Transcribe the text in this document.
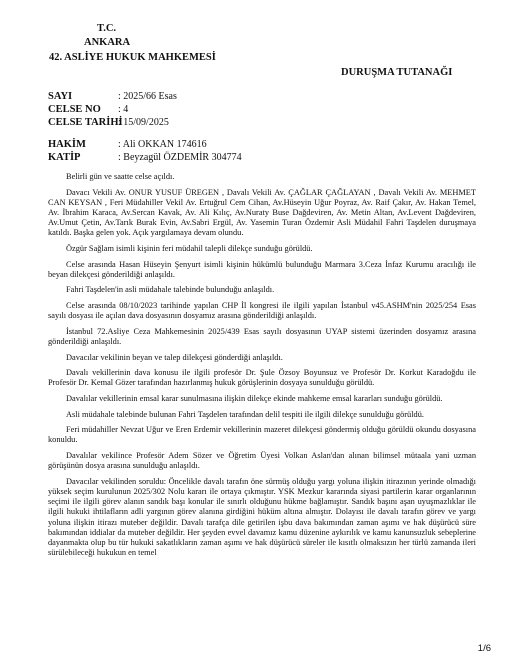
T.C.
ANKARA
42. ASLİYE HUKUK MAHKEMESİ
DURUŞMA TUTANAĞI
SAYI	: 2025/66 Esas
CELSE NO : 4
CELSE TARİHİ: 15/09/2025
HAKİM	: Ali OKKAN 174616
KATİP	: Beyzagül ÖZDEMİR 304774

Belirli gün ve saatte celse açıldı.

Davacı Vekili Av. ONUR YUSUF ÜREGEN , Davalı Vekili Av. ÇAĞLAR ÇAĞLAYAN , Davalı Vekili Av. MEHMET CAN KEYSAN , Feri Müdahiller Vekil Av. Ertuğrul Cem Cihan, Av.Hüseyin Uğur Poyraz, Av. Raif Çakır, Av. Hakan Temel, Av. İbrahim Karaca, Av.Sercan Kavak, Av. Ali Kılıç, Av.Nuraty Buse Dağdeviren, Av. Metin Altan, Av.Levent Dağdeviren, Av.Umut Çetin, Av.Tarık Burak Evin, Av.Sabri Ergül, Av. Yasemin Turan Özdemir Asli Müdahil Fahri Taşdelen duruşmaya katıldı. Başka gelen yok. Açık yargılamaya devam olundu.

Özgür Sağlam isimli kişinin feri müdahil talepli dilekçe sunduğu görüldü.

Celse arasında Hasan Hüseyin Şenyurt isimli kişinin hükümlü bulunduğu Marmara 3.Ceza İnfaz Kurumu aracılığı ile beyan dilekçesi gönderildiği anlaşıldı.

Fahri Taşdelen'in asli müdahale talebinde bulunduğu anlaşıldı.

Celse arasında 08/10/2023 tarihinde yapılan CHP İl kongresi ile ilgili yapılan İstanbul v45.ASHM'nin 2025/254 Esas sayılı dosyası ile açılan dava dosyasının dosyamız arasına gönderildiği anlaşıldı.

İstanbul 72.Asliye Ceza Mahkemesinin 2025/439 Esas sayılı dosyasının UYAP sistemi üzerinden dosyamız arasına gönderildiği anlaşıldı.

Davacılar vekilinin beyan ve talep dilekçesi gönderdiği anlaşıldı.

Davalı vekillerinin dava konusu ile ilgili profesör Dr. Şule Özsoy Boyunsuz ve Profesör Dr. Korkut Karadoğdu ile Profesör Dr. Kemal Gözer tarafından hazırlanmış hukuk görüşlerinin dosyaya sunulduğu görüldü.

Davalılar vekillerinin emsal karar sunulmasına ilişkin dilekçe ekinde mahkeme emsal kararları sunduğu görüldü.

Asli müdahale talebinde bulunan Fahri Taşdelen tarafından delil tespiti ile ilgili dilekçe sunulduğu görüldü.

Feri müdahiller Nevzat Uğur ve Eren Erdemir vekillerinin mazeret dilekçesi göndermiş olduğu görüldü okundu dosyasına konuldu.

Davalılar vekilince Profesör Adem Sözer ve Öğretim Üyesi Volkan Aslan'dan alınan bilimsel mütaala yani uzman görüşünün dosya arasına sunulduğu anlaşıldı.

Davacılar vekilinden soruldu: Öncelikle davalı tarafın öne sürmüş olduğu yargı yoluna ilişkin itirazının yerinde olmadığı yüksek seçim kurulunun 2025/302 Nolu kararı ile ortaya çıkmıştır. YSK Mezkur kararında siyasi partilerin karar organlarının seçimi ile ilgili görev alanın sandık başı konular ile sınırlı olduğunu hükme bağlamıştır. Sandık başını aşan uyuşmazlıklar ile ilgili hukuki ihtilafların adli yargının görev alanına girdiğini hüküm altına almıştır. Dolayısı ile davalı tarafın görev ve yargı yoluna ilişkin itirazı muteber değildir. Davalı tarafça dile getirilen işbu dava bakımından zaman aşımı ve hak düşürücü süre bakımından iddialar da muteber değildir. Her şeyden evvel davamız kamu düzenine aykırılık ve kamu kanunsuzluk sebeplerine dayanmakta olup bu tür hukuki sakatlıkların zaman aşımı ve hak düşürücü süreler ile kısıtlı olmaksızın her türlü zamanda ileri sürülebileceği hukukun en temel

1/6
